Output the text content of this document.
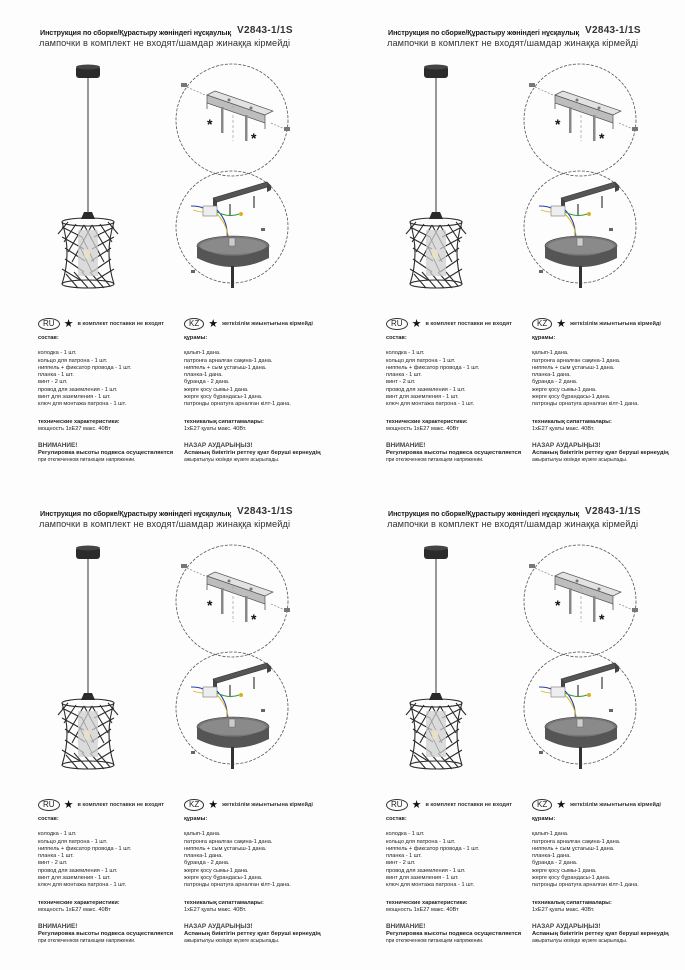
Инструкция по сборке/Құрастыру жөніндегі нұсқаулық V2843-1/1S
лампочки в комплект не входят/шамдар жинаққа кірмейді
*
*
RU ★ в комплект поставки не входят	KZ ★ жеткізілім жиынтығына кірмейді
состав:
колодка - 1 шт.
кольцо для патрона - 1 шт.
ниппель + фиксатор провода - 1 шт.
планка - 1 шт.
винт - 2 шт.
провод для заземления - 1 шт.
винт для заземления - 1 шт.
ключ для монтажа патрона - 1 шт.
технические характеристики:
мощность 1хЕ27 макс. 40Вт
ВНИМАНИЕ!
Регулировка высоты подвеса осуществляется
при отключенном питающем напряжении.
құрамы:
қалып-1 дана.
патронға арналған сақина-1 дана.
ниппель + сым ұстағыш-1 дана.
планка-1 дана.
бұранда - 2 дана.
жерге қосу сымы-1 дана.
жерге қосу бұрандасы-1 дана.
патронды орнатуға арналған кілт-1 дана.
техникалық сипаттамалары:
1хЕ27 қуаты макс. 40Вт.
НАЗАР АУДАРЫҢЫЗ!
Аспаның биіктігін реттеу қуат беруші кернеудің
ажыратылуы кезінде жүзеге асырылады.
Инструкция по сборке/Құрастыру жөніндегі нұсқаулық V2843-1/1S
лампочки в комплект не входят/шамдар жинаққа кірмейді
*
*
RU ★ в комплект поставки не входят	KZ ★ жеткізілім жиынтығына кірмейді
состав:
колодка - 1 шт.
кольцо для патрона - 1 шт.
ниппель + фиксатор провода - 1 шт.
планка - 1 шт.
винт - 2 шт.
провод для заземления - 1 шт.
винт для заземления - 1 шт.
ключ для монтажа патрона - 1 шт.
технические характеристики:
мощность 1хЕ27 макс. 40Вт
ВНИМАНИЕ!
Регулировка высоты подвеса осуществляется
при отключенном питающем напряжении.
құрамы:
қалып-1 дана.
патронға арналған сақина-1 дана.
ниппель + сым ұстағыш-1 дана.
планка-1 дана.
бұранда - 2 дана.
жерге қосу сымы-1 дана.
жерге қосу бұрандасы-1 дана.
патронды орнатуға арналған кілт-1 дана.
техникалық сипаттамалары:
1хЕ27 қуаты макс. 40Вт.
НАЗАР АУДАРЫҢЫЗ!
Аспаның биіктігін реттеу қуат беруші кернеудің
ажыратылуы кезінде жүзеге асырылады.
Инструкция по сборке/Құрастыру жөніндегі нұсқаулық V2843-1/1S
лампочки в комплект не входят/шамдар жинаққа кірмейді
*
*
RU ★ в комплект поставки не входят	KZ ★ жеткізілім жиынтығына кірмейді
состав:
колодка - 1 шт.
кольцо для патрона - 1 шт.
ниппель + фиксатор провода - 1 шт.
планка - 1 шт.
винт - 2 шт.
провод для заземления - 1 шт.
винт для заземления - 1 шт.
ключ для монтажа патрона - 1 шт.
технические характеристики:
мощность 1хЕ27 макс. 40Вт
ВНИМАНИЕ!
Регулировка высоты подвеса осуществляется
при отключенном питающем напряжении.
құрамы:
қалып-1 дана.
патронға арналған сақина-1 дана.
ниппель + сым ұстағыш-1 дана.
планка-1 дана.
бұранда - 2 дана.
жерге қосу сымы-1 дана.
жерге қосу бұрандасы-1 дана.
патронды орнатуға арналған кілт-1 дана.
техникалық сипаттамалары:
1хЕ27 қуаты макс. 40Вт.
НАЗАР АУДАРЫҢЫЗ!
Аспаның биіктігін реттеу қуат беруші кернеудің
ажыратылуы кезінде жүзеге асырылады.
Инструкция по сборке/Құрастыру жөніндегі нұсқаулық V2843-1/1S
лампочки в комплект не входят/шамдар жинаққа кірмейді
*
*
RU ★ в комплект поставки не входят	KZ ★ жеткізілім жиынтығына кірмейді
состав:
колодка - 1 шт.
кольцо для патрона - 1 шт.
ниппель + фиксатор провода - 1 шт.
планка - 1 шт.
винт - 2 шт.
провод для заземления - 1 шт.
винт для заземления - 1 шт.
ключ для монтажа патрона - 1 шт.
технические характеристики:
мощность 1хЕ27 макс. 40Вт
ВНИМАНИЕ!
Регулировка высоты подвеса осуществляется
при отключенном питающем напряжении.
құрамы:
қалып-1 дана.
патронға арналған сақина-1 дана.
ниппель + сым ұстағыш-1 дана.
планка-1 дана.
бұранда - 2 дана.
жерге қосу сымы-1 дана.
жерге қосу бұрандасы-1 дана.
патронды орнатуға арналған кілт-1 дана.
техникалық сипаттамалары:
1хЕ27 қуаты макс. 40Вт.
НАЗАР АУДАРЫҢЫЗ!
Аспаның биіктігін реттеу қуат беруші кернеудің
ажыратылуы кезінде жүзеге асырылады.
